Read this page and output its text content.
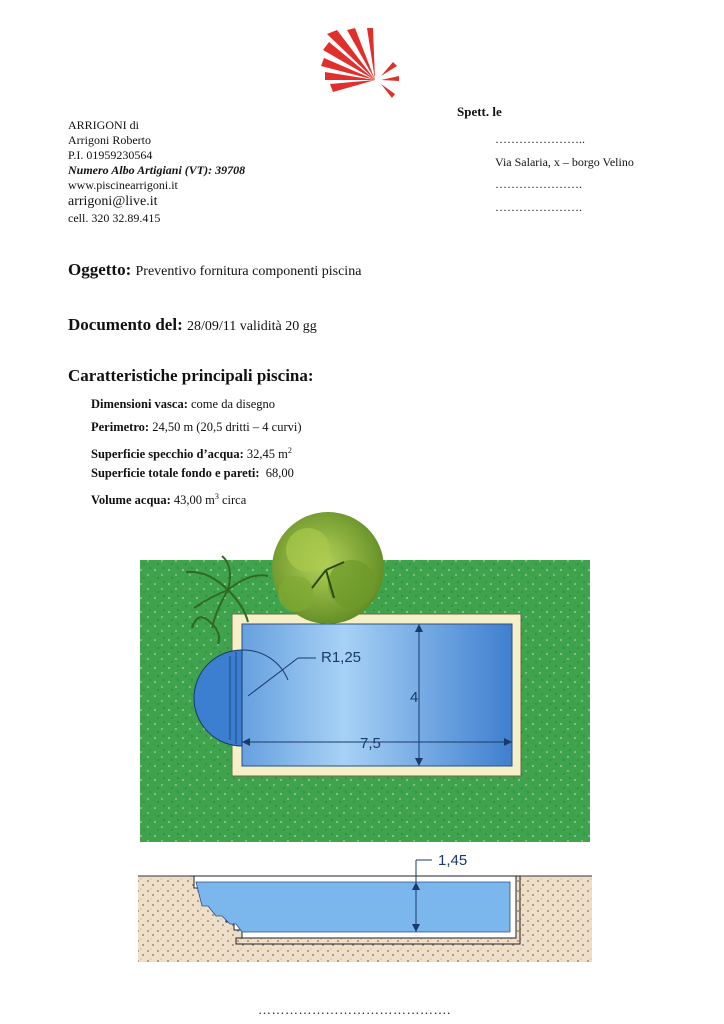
ARRIGONI di
Arrigoni Roberto
P.I. 01959230564
Numero Albo Artigiani (VT): 39708
www.piscinearrigoni.it
arrigoni@live.it
cell. 320 32.89.415
Spett. le
…………………..
Via Salaria, x – borgo Velino
………………….
………………….
Oggetto: Preventivo fornitura componenti piscina
Documento del: 28/09/11 validità 20 gg
Caratteristiche principali piscina:
Dimensioni vasca: come da disegno
Perimetro: 24,50 m (20,5 dritti – 4 curvi)
Superficie specchio d’acqua: 32,45 $m^2$
Superficie totale fondo e pareti: 68,00
Volume acqua: 43,00 $m^3$ circa
R1,25
4
7,5
1,45
…………………………………….
